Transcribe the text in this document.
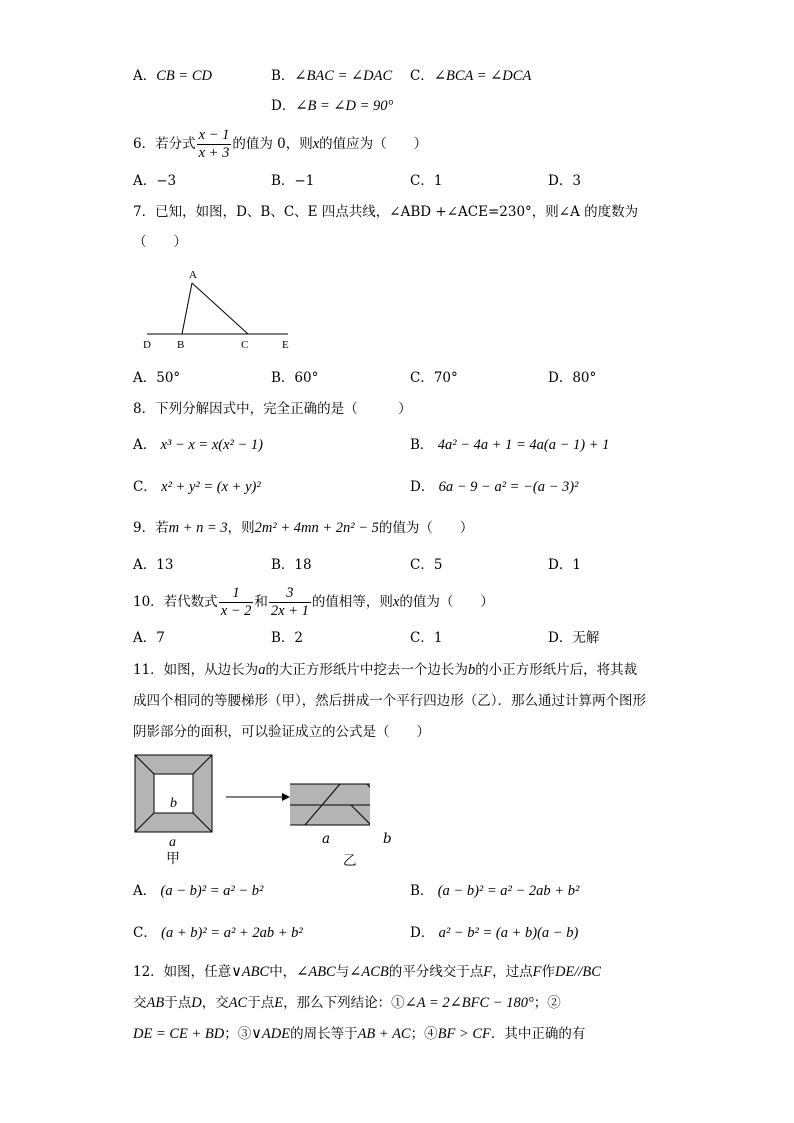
A．CB = CD	B．∠BAC = ∠DAC C．∠BCA = ∠DCA
D．∠B = ∠D = 90°
6．若分式 $\frac{x - 1}{x + 3}$ 的值为 0，则x的值应为（　　）
A．−3	B．−1	C．1	D．3
7．已知，如图，D、B、C、E 四点共线，∠ABD +∠ACE=230°，则∠A 的度数为
（　　）
A
D B	C	E
A．50°	B．60°	C．70°	D．80°
8．下列分解因式中，完全正确的是（　　　）
A． x³ − x = x(x² − 1)	B． 4a² − 4a + 1 = 4a(a − 1) + 1
C． x² + y² = (x + y)²	D． 6a − 9 − a² = −(a − 3)²
9．若m + n = 3，则2m² + 4mn + 2n² − 5的值为（　　）
A．13	B．18	C．5	D．1
10．若代数式 $\frac{1}{x - 2}$ 和 $\frac{3}{2x + 1}$ 的值相等，则x的值为（　　）
A．7	B．2	C．1	D．无解
11．如图，从边长为a的大正方形纸片中挖去一个边长为b的小正方形纸片后，将其裁
成四个相同的等腰梯形（甲），然后拼成一个平行四边形（乙）．那么通过计算两个图形
阴影部分的面积，可以验证成立的公式是（　　）
b
a
甲
a	b
乙
A． (a − b)² = a² − b²	B． (a − b)² = a² − 2ab + b²
C． (a + b)² = a² + 2ab + b²	D． a² − b² = (a + b)(a − b)
12．如图，任意∨ABC中，∠ABC与∠ACB的平分线交于点F，过点F作DE//BC
交AB于点D，交AC于点E，那么下列结论：①∠A = 2∠BFC − 180°；②
DE = CE + BD；③∨ADE的周长等于AB + AC；④BF > CF．其中正确的有
